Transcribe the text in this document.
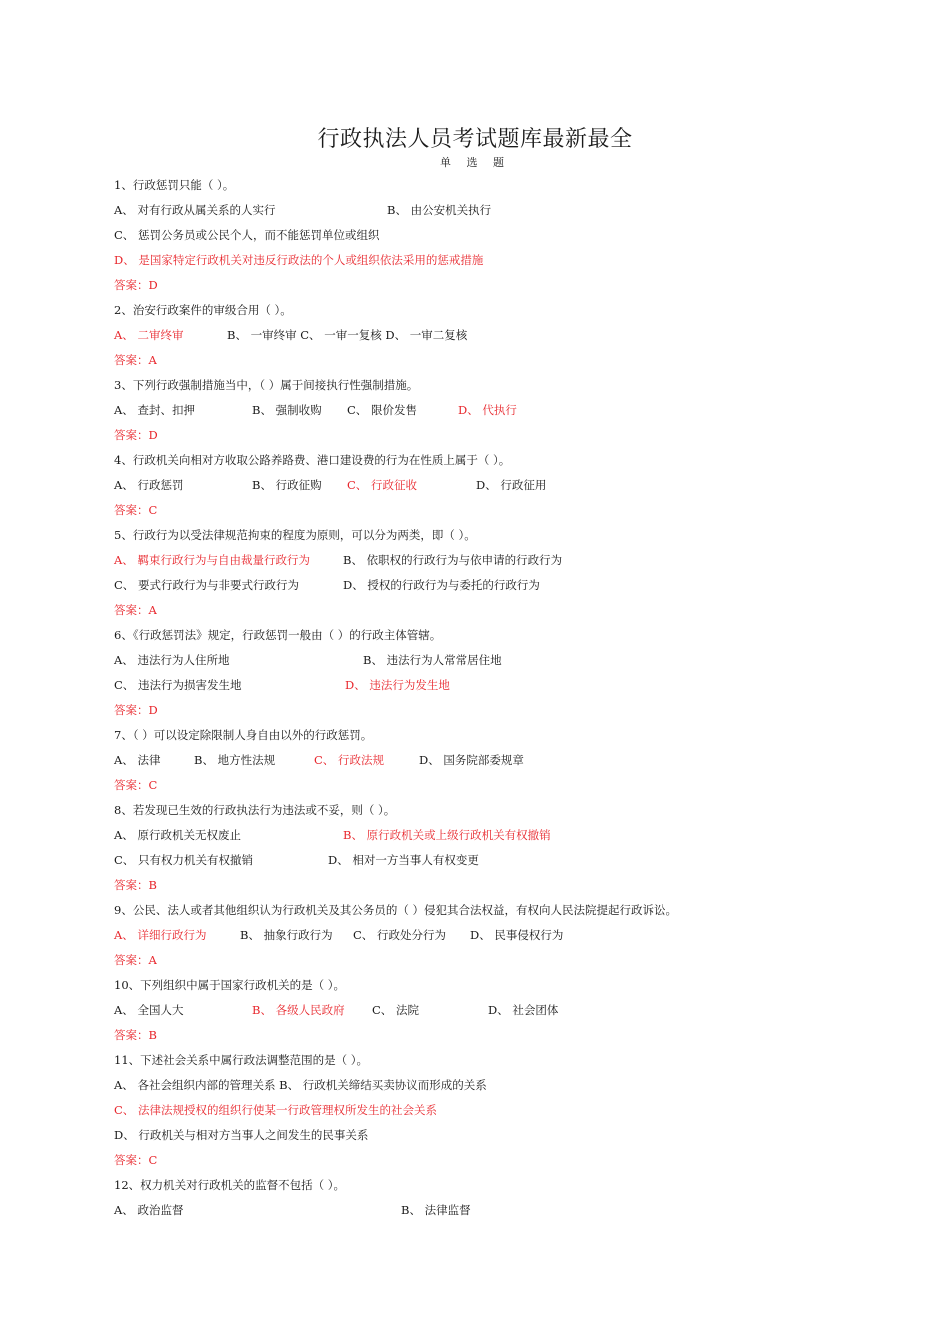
行政执法人员考试题库最新最全
单 选 题
1、行政惩罚只能（ ）。
A、 对有行政从属关系的人实行	B、 由公安机关执行
C、 惩罚公务员或公民个人，而不能惩罚单位或组织
D、 是国家特定行政机关对违反行政法的个人或组织依法采用的惩戒措施
答案：D
2、治安行政案件的审级合用（ ）。
A、 二审终审	B、 一审终审 C、 一审一复核 D、 一审二复核
答案：A
3、下列行政强制措施当中，（ ）属于间接执行性强制措施。
A、 查封、扣押	B、 强制收购 C、 限价发售	D、 代执行
答案：D
4、行政机关向相对方收取公路养路费、港口建设费的行为在性质上属于（ ）。
A、 行政惩罚	B、 行政征购 C、 行政征收	D、 行政征用
答案：C
5、行政行为以受法律规范拘束的程度为原则，可以分为两类，即（ ）。
A、 羁束行政行为与自由裁量行政行为	B、 依职权的行政行为与依申请的行政行为
C、 要式行政行为与非要式行政行为	D、 授权的行政行为与委托的行政行为
答案：A
6、《行政惩罚法》规定，行政惩罚一般由（ ）的行政主体管辖。
A、 违法行为人住所地	B、 违法行为人常常居住地
C、 违法行为损害发生地	D、 违法行为发生地
答案：D
7、（ ）可以设定除限制人身自由以外的行政惩罚。
A、 法律	B、 地方性法规	C、 行政法规	D、 国务院部委规章
答案：C
8、若发现已生效的行政执法行为违法或不妥，则（ ）。
A、 原行政机关无权废止	B、 原行政机关或上级行政机关有权撤销
C、 只有权力机关有权撤销	D、 相对一方当事人有权变更
答案：B
9、公民、法人或者其他组织认为行政机关及其公务员的（ ）侵犯其合法权益，有权向人民法院提起行政诉讼。
A、 详细行政行为	B、 抽象行政行为 C、 行政处分行为 D、 民事侵权行为
答案：A
10、下列组织中属于国家行政机关的是（ ）。
A、 全国人大	B、 各级人民政府 C、 法院	D、 社会团体
答案：B
11、下述社会关系中属行政法调整范围的是（ ）。
A、 各社会组织内部的管理关系 B、 行政机关缔结买卖协议而形成的关系
C、 法律法规授权的组织行使某一行政管理权所发生的社会关系
D、 行政机关与相对方当事人之间发生的民事关系
答案：C
12、权力机关对行政机关的监督不包括（ ）。
A、 政治监督	B、 法律监督
